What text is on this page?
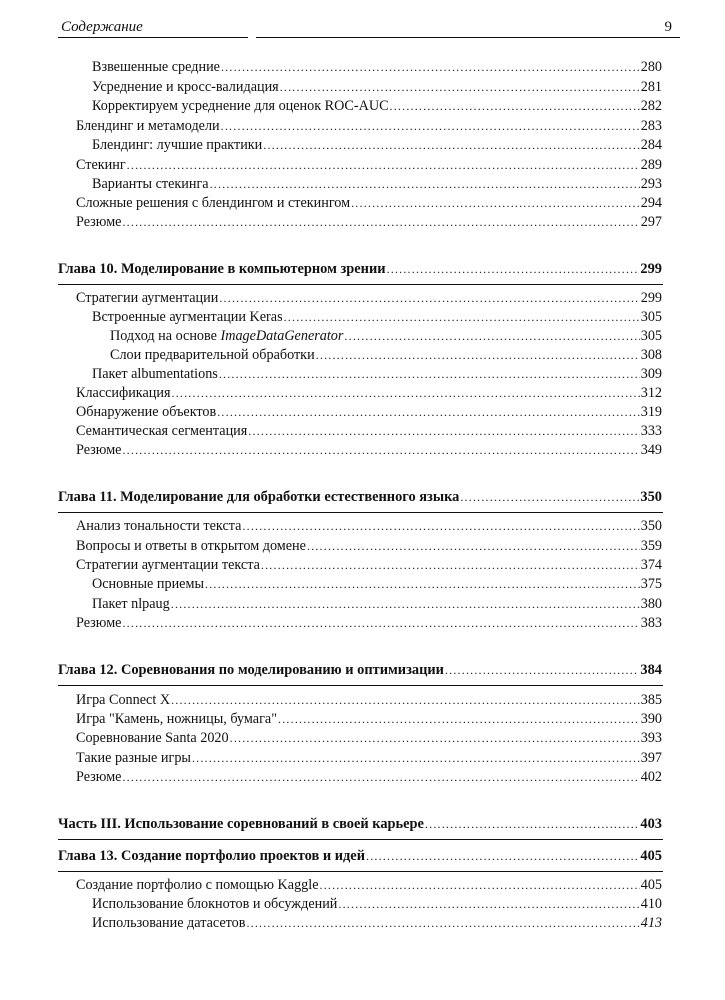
Содержание	9
Взвешенные средние .....	280
Усреднение и кросс-валидация .....	281
Корректируем усреднение для оценок ROC-AUC .....	282
Блендинг и метамодели .....	283
Блендинг: лучшие практики .....	284
Стекинг .....	289
Варианты стекинга .....	293
Сложные решения с блендингом и стекингом .....	294
Резюме .....	297
Глава 10. Моделирование в компьютерном зрении .....	299
Стратегии аугментации .....	299
Встроенные аугментации Keras .....	305
Подход на основе ImageDataGenerator .....	305
Слои предварительной обработки .....	308
Пакет albumentations .....	309
Классификация .....	312
Обнаружение объектов .....	319
Семантическая сегментация .....	333
Резюме .....	349
Глава 11. Моделирование для обработки естественного языка .....	350
Анализ тональности текста .....	350
Вопросы и ответы в открытом домене .....	359
Стратегии аугментации текста .....	374
Основные приемы .....	375
Пакет nlpaug .....	380
Резюме .....	383
Глава 12. Соревнования по моделированию и оптимизации .....	384
Игра Connect X .....	385
Игра "Камень, ножницы, бумага" .....	390
Соревнование Santa 2020 .....	393
Такие разные игры .....	397
Резюме .....	402
Часть III. Использование соревнований в своей карьере .....	403
Глава 13. Создание портфолио проектов и идей .....	405
Создание портфолио с помощью Kaggle .....	405
Использование блокнотов и обсуждений .....	410
Использование датасетов .....	413
